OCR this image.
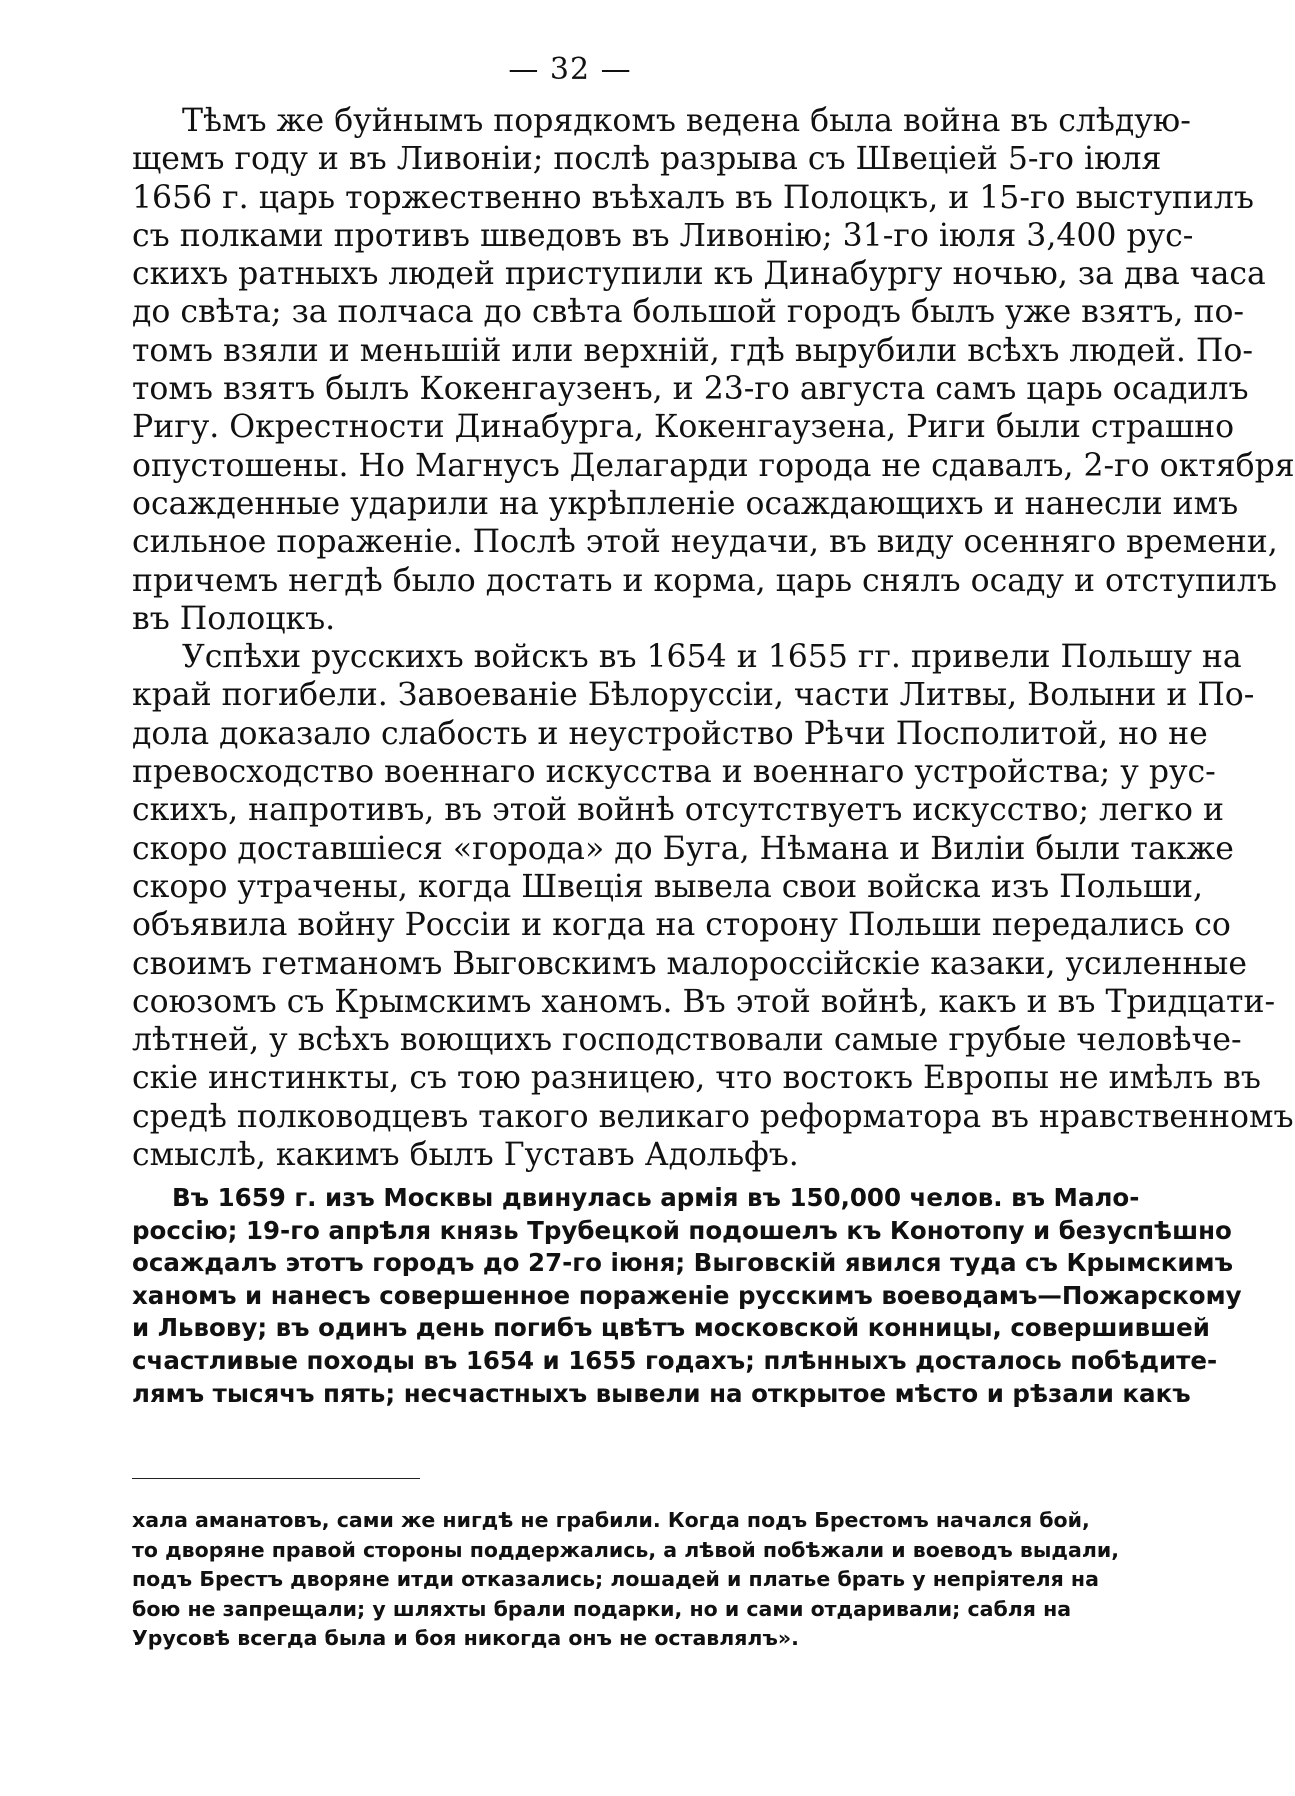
— 32 —
Тѣмъ же буйнымъ порядкомъ ведена была война въ слѣдую-
щемъ году и въ Ливоніи; послѣ разрыва съ Швеціей 5-го іюля
1656 г. царь торжественно въѣхалъ въ Полоцкъ, и 15-го выступилъ
съ полками противъ шведовъ въ Ливонію; 31-го іюля 3,400 рус-
скихъ ратныхъ людей приступили къ Динабургу ночью, за два часа
до свѣта; за полчаса до свѣта большой городъ былъ уже взятъ, по-
томъ взяли и меньшій или верхній, гдѣ вырубили всѣхъ людей. По-
томъ взятъ былъ Кокенгаузенъ, и 23-го августа самъ царь осадилъ
Ригу. Окрестности Динабурга, Кокенгаузена, Риги были страшно
опустошены. Но Магнусъ Делагарди города не сдавалъ, 2-го октября
осажденные ударили на укрѣпленіе осаждающихъ и нанесли имъ
сильное пораженіе. Послѣ этой неудачи, въ виду осенняго времени,
причемъ негдѣ было достать и корма, царь снялъ осаду и отступилъ
въ Полоцкъ.
Успѣхи русскихъ войскъ въ 1654 и 1655 гг. привели Польшу на
край погибели. Завоеваніе Бѣлоруссіи, части Литвы, Волыни и По-
дола доказало слабость и неустройство Рѣчи Посполитой, но не
превосходство военнаго искусства и военнаго устройства; у рус-
скихъ, напротивъ, въ этой войнѣ отсутствуетъ искусство; легко и
скоро доставшіеся «города» до Буга, Нѣмана и Виліи были также
скоро утрачены, когда Швеція вывела свои войска изъ Польши,
объявила войну Россіи и когда на сторону Польши передались со
своимъ гетманомъ Выговскимъ малороссійскіе казаки, усиленные
союзомъ съ Крымскимъ ханомъ. Въ этой войнѣ, какъ и въ Тридцати-
лѣтней, у всѣхъ воющихъ господствовали самые грубые человѣче-
скіе инстинкты, съ тою разницею, что востокъ Европы не имѣлъ въ
средѣ полководцевъ такого великаго реформатора въ нравственномъ
смыслѣ, какимъ былъ Густавъ Адольфъ.
Въ 1659 г. изъ Москвы двинулась армія въ 150,000 челов. въ Мало-
россію; 19-го апрѣля князь Трубецкой подошелъ къ Конотопу и безуспѣшно
осаждалъ этотъ городъ до 27-го іюня; Выговскій явился туда съ Крымскимъ
ханомъ и нанесъ совершенное пораженіе русскимъ воеводамъ—Пожарскому
и Львову; въ одинъ день погибъ цвѣтъ московской конницы, совершившей
счастливые походы въ 1654 и 1655 годахъ; плѣнныхъ досталось побѣдите-
лямъ тысячъ пять; несчастныхъ вывели на открытое мѣсто и рѣзали какъ
хала аманатовъ, сами же нигдѣ не грабили. Когда подъ Брестомъ начался бой,
то дворяне правой стороны поддержались, а лѣвой побѣжали и воеводъ выдали,
подъ Брестъ дворяне итди отказались; лошадей и платье брать у непріятеля на
бою не запрещали; у шляхты брали подарки, но и сами отдаривали; сабля на
Урусовѣ всегда была и боя никогда онъ не оставлялъ».
